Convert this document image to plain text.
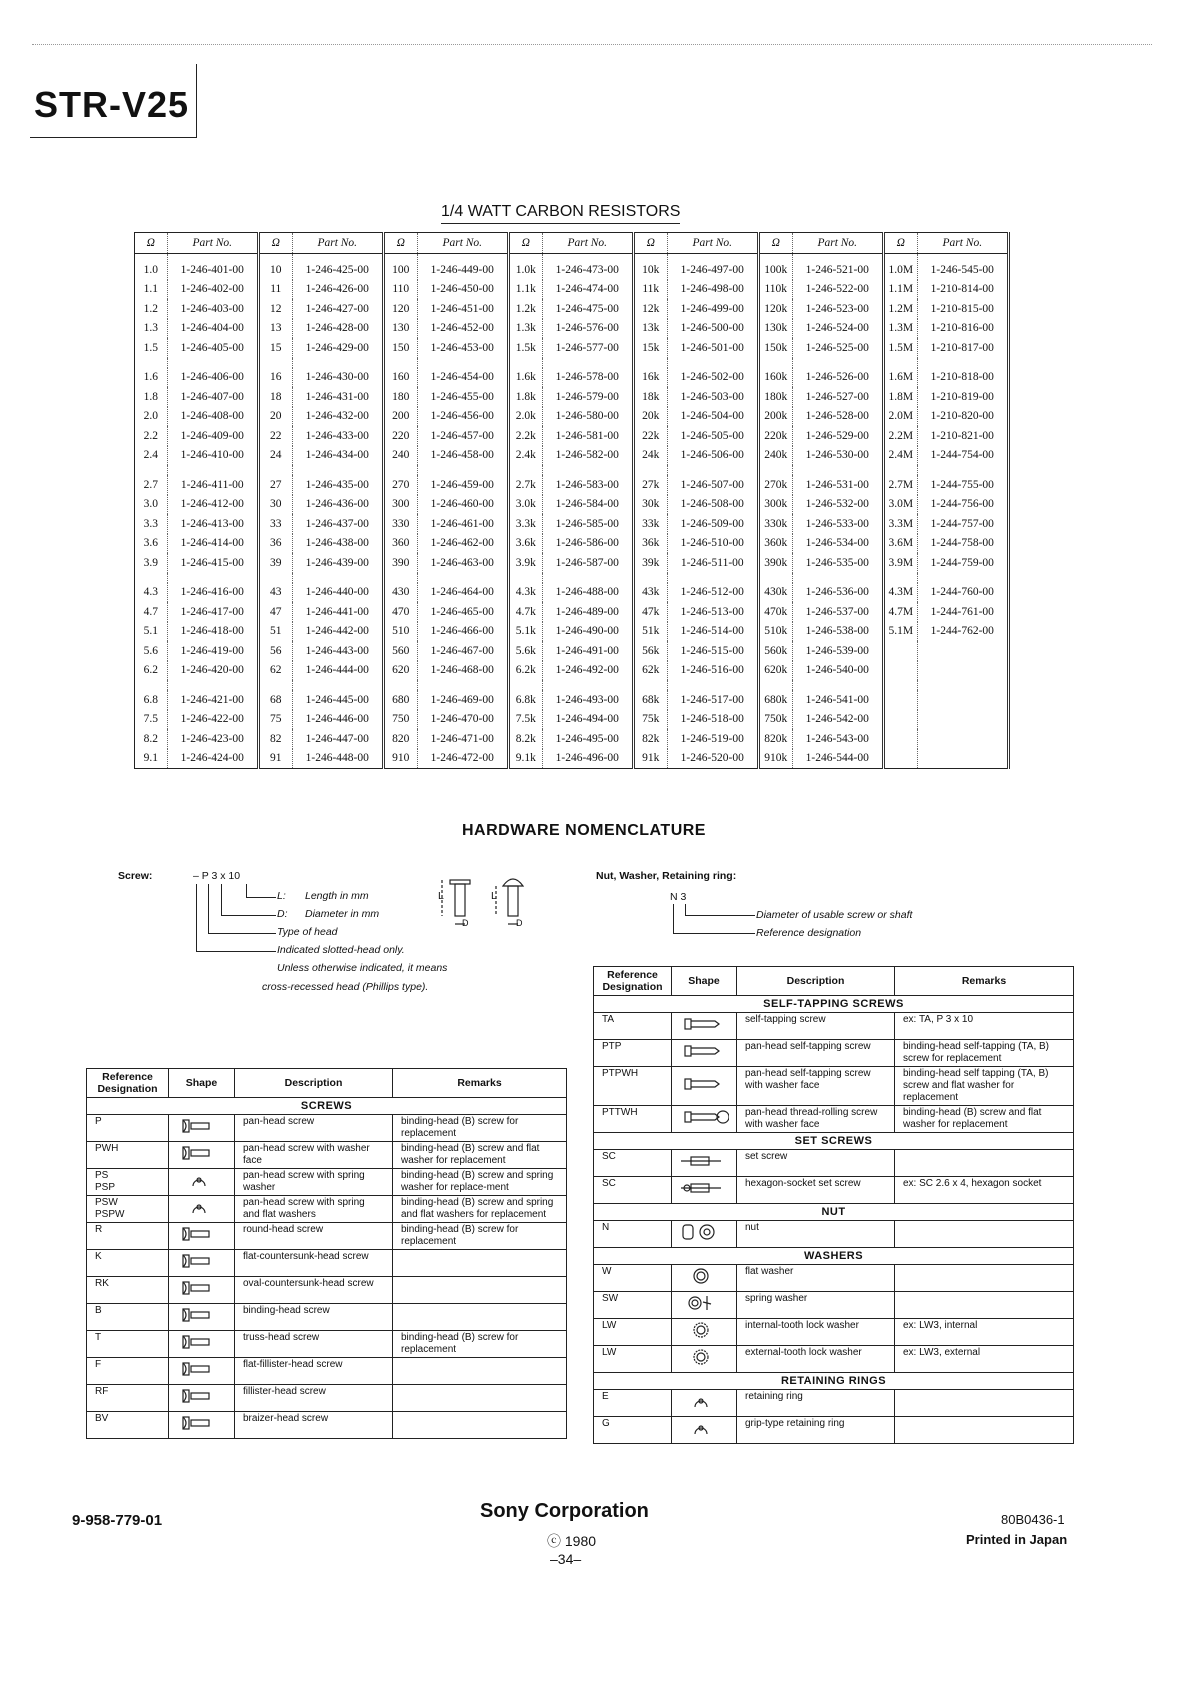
STR-V25
1/4 WATT CARBON RESISTORS
Ω	Part No.	Ω	Part No.	Ω	Part No.	Ω	Part No.	Ω	Part No.	Ω	Part No.	Ω	Part No.
1.0	1-246-401-00	10	1-246-425-00	100	1-246-449-00	1.0k	1-246-473-00	10k	1-246-497-00	100k	1-246-521-00	1.0M	1-246-545-00
1.1	1-246-402-00	11	1-246-426-00	110	1-246-450-00	1.1k	1-246-474-00	11k	1-246-498-00	110k	1-246-522-00	1.1M	1-210-814-00
1.2	1-246-403-00	12	1-246-427-00	120	1-246-451-00	1.2k	1-246-475-00	12k	1-246-499-00	120k	1-246-523-00	1.2M	1-210-815-00
1.3	1-246-404-00	13	1-246-428-00	130	1-246-452-00	1.3k	1-246-576-00	13k	1-246-500-00	130k	1-246-524-00	1.3M	1-210-816-00
1.5	1-246-405-00	15	1-246-429-00	150	1-246-453-00	1.5k	1-246-577-00	15k	1-246-501-00	150k	1-246-525-00	1.5M	1-210-817-00

1.6	1-246-406-00	16	1-246-430-00	160	1-246-454-00	1.6k	1-246-578-00	16k	1-246-502-00	160k	1-246-526-00	1.6M	1-210-818-00
1.8	1-246-407-00	18	1-246-431-00	180	1-246-455-00	1.8k	1-246-579-00	18k	1-246-503-00	180k	1-246-527-00	1.8M	1-210-819-00
2.0	1-246-408-00	20	1-246-432-00	200	1-246-456-00	2.0k	1-246-580-00	20k	1-246-504-00	200k	1-246-528-00	2.0M	1-210-820-00
2.2	1-246-409-00	22	1-246-433-00	220	1-246-457-00	2.2k	1-246-581-00	22k	1-246-505-00	220k	1-246-529-00	2.2M	1-210-821-00
2.4	1-246-410-00	24	1-246-434-00	240	1-246-458-00	2.4k	1-246-582-00	24k	1-246-506-00	240k	1-246-530-00	2.4M	1-244-754-00

2.7	1-246-411-00	27	1-246-435-00	270	1-246-459-00	2.7k	1-246-583-00	27k	1-246-507-00	270k	1-246-531-00	2.7M	1-244-755-00
3.0	1-246-412-00	30	1-246-436-00	300	1-246-460-00	3.0k	1-246-584-00	30k	1-246-508-00	300k	1-246-532-00	3.0M	1-244-756-00
3.3	1-246-413-00	33	1-246-437-00	330	1-246-461-00	3.3k	1-246-585-00	33k	1-246-509-00	330k	1-246-533-00	3.3M	1-244-757-00
3.6	1-246-414-00	36	1-246-438-00	360	1-246-462-00	3.6k	1-246-586-00	36k	1-246-510-00	360k	1-246-534-00	3.6M	1-244-758-00
3.9	1-246-415-00	39	1-246-439-00	390	1-246-463-00	3.9k	1-246-587-00	39k	1-246-511-00	390k	1-246-535-00	3.9M	1-244-759-00

4.3	1-246-416-00	43	1-246-440-00	430	1-246-464-00	4.3k	1-246-488-00	43k	1-246-512-00	430k	1-246-536-00	4.3M	1-244-760-00
4.7	1-246-417-00	47	1-246-441-00	470	1-246-465-00	4.7k	1-246-489-00	47k	1-246-513-00	470k	1-246-537-00	4.7M	1-244-761-00
5.1	1-246-418-00	51	1-246-442-00	510	1-246-466-00	5.1k	1-246-490-00	51k	1-246-514-00	510k	1-246-538-00	5.1M	1-244-762-00
5.6	1-246-419-00	56	1-246-443-00	560	1-246-467-00	5.6k	1-246-491-00	56k	1-246-515-00	560k	1-246-539-00		
6.2	1-246-420-00	62	1-246-444-00	620	1-246-468-00	6.2k	1-246-492-00	62k	1-246-516-00	620k	1-246-540-00		

6.8	1-246-421-00	68	1-246-445-00	680	1-246-469-00	6.8k	1-246-493-00	68k	1-246-517-00	680k	1-246-541-00		
7.5	1-246-422-00	75	1-246-446-00	750	1-246-470-00	7.5k	1-246-494-00	75k	1-246-518-00	750k	1-246-542-00		
8.2	1-246-423-00	82	1-246-447-00	820	1-246-471-00	8.2k	1-246-495-00	82k	1-246-519-00	820k	1-246-543-00		
9.1	1-246-424-00	91	1-246-448-00	910	1-246-472-00	9.1k	1-246-496-00	91k	1-246-520-00	910k	1-246-544-00		
HARDWARE NOMENCLATURE
Screw:	– P 3 x 10
L: Length in mm
D: Diameter in mm
Type of head
Indicated slotted-head only.
Unless otherwise indicated, it means
cross-recessed head (Phillips type).
L	L
D	D
Nut, Washer, Retaining ring:
N 3
Diameter of usable screw or shaft
Reference designation
Reference Designation	Shape	Description	Remarks
SCREWS			
P		pan-head screw	binding-head (B) screw for replacement
PWH		pan-head screw with washer face	binding-head (B) screw and flat washer for replacement
PS
PSP		pan-head screw with spring washer	binding-head (B) screw and spring washer for replace-ment
PSW
PSPW		pan-head screw with spring and flat washers	binding-head (B) screw and spring and flat washers for replacement
R		round-head screw	binding-head (B) screw for replacement
K		flat-countersunk-head screw	
RK		oval-countersunk-head screw	
B		binding-head screw	
T		truss-head screw	binding-head (B) screw for replacement
F		flat-fillister-head screw	
RF		fillister-head screw	
BV		braizer-head screw	
Reference Designation	Shape	Description	Remarks
SELF-TAPPING SCREWS			
TA		self-tapping screw	ex: TA, P 3 x 10
PTP		pan-head self-tapping screw	binding-head self-tapping (TA, B) screw for replacement
PTPWH		pan-head self-tapping screw with washer face	binding-head self tapping (TA, B) screw and flat washer for replacement
PTTWH		pan-head thread-rolling screw with washer face	binding-head (B) screw and flat washer for replacement
SET SCREWS			
SC		set screw	
SC		hexagon-socket set screw	ex: SC 2.6 x 4, hexagon socket
NUT			
N		nut	
WASHERS			
W		flat washer	
SW		spring washer	
LW		internal-tooth lock washer	ex: LW3, internal
LW		external-tooth lock washer	ex: LW3, external
RETAINING RINGS			
E		retaining ring	
G		grip-type retaining ring	
9-958-779-01	Sony Corporation
ⓒ 1980
–34–
80B0436-1
Printed in Japan
